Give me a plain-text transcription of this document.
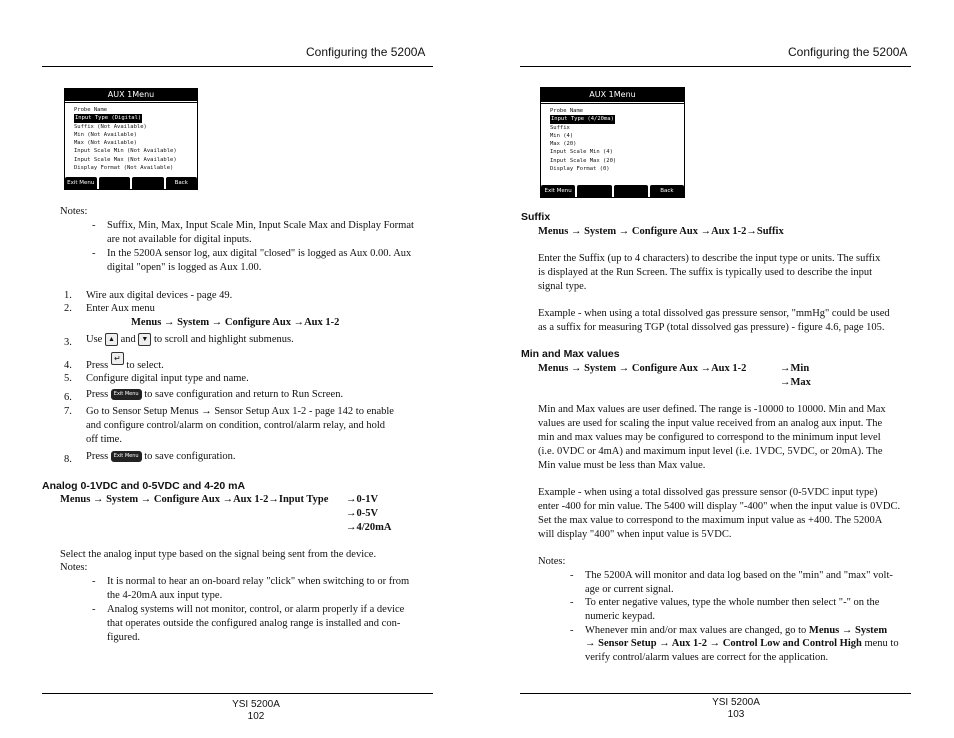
Configuring the 5200A
AUX 1Menu
Probe Name
Input Type (Digital)
Suffix (Not Available)
Min (Not Available)
Max (Not Available)
Input Scale Min (Not Available)
Input Scale Max (Not Available)
Display Format (Not Available)
Exit Menu	Back
Notes:
- Suffix, Min, Max, Input Scale Min, Input Scale Max and Display Format
are not available for digital inputs.
- In the 5200A sensor log, aux digital "closed" is logged as Aux 0.00. Aux
digital "open" is logged as Aux 1.00.
1. Wire aux digital devices - page 49.
2. Enter Aux menu
Menus → System → Configure Aux →Aux 1-2
3. Use ▲ and ▼ to scroll and highlight submenus.
4. Press ↵ to select.
5. Configure digital input type and name.
6. Press Exit Menu to save configuration and return to Run Screen.
7. Go to Sensor Setup Menus → Sensor Setup Aux 1-2 - page 142 to enable
and configure control/alarm on condition, control/alarm relay, and hold
off time.
8. Press Exit Menu to save configuration.
Analog 0-1VDC and 0-5VDC and 4-20 mA
Menus → System → Configure Aux →Aux 1-2→Input Type →0-1V
→0-5V
→4/20mA
Select the analog input type based on the signal being sent from the device.
Notes:
- It is normal to hear an on-board relay "click" when switching to or from
the 4-20mA aux input type.
- Analog systems will not monitor, control, or alarm properly if a device
that operates outside the configured analog range is installed and con-
figured.
YSI 5200A
102
Configuring the 5200A
AUX 1Menu
Probe Name
Input Type (4/20ma)
Suffix
Min (4)
Max (20)
Input Scale Min (4)
Input Scale Max (20)
Display Format (0)
Exit Menu	Back
Suffix
Menus → System → Configure Aux →Aux 1-2→Suffix
Enter the Suffix (up to 4 characters) to describe the input type or units. The suffix
is displayed at the Run Screen. The suffix is typically used to describe the input
signal type.
Example - when using a total dissolved gas pressure sensor, "mmHg" could be used
as a suffix for measuring TGP (total dissolved gas pressure) - figure 4.6, page 105.
Min and Max values
Menus → System → Configure Aux →Aux 1-2	→Min
→Max
Min and Max values are user defined. The range is -10000 to 10000. Min and Max
values are used for scaling the input value received from an analog aux input. The
min and max values may be configured to correspond to the minimum input level
(i.e. 0VDC or 4mA) and maximum input level (i.e. 1VDC, 5VDC, or 20mA). The
Min value must be less than Max value.
Example - when using a total dissolved gas pressure sensor (0-5VDC input type)
enter -400 for min value. The 5400 will display "-400" when the input value is 0VDC.
Set the max value to correspond to the maximum input value as +400. The 5200A
will display "400" when input value is 5VDC.
Notes:
- The 5200A will monitor and data log based on the "min" and "max" volt-
age or current signal.
- To enter negative values, type the whole number then select "-" on the
numeric keypad.
- Whenever min and/or max values are changed, go to Menus → System
→ Sensor Setup → Aux 1-2 → Control Low and Control High menu to
verify control/alarm values are correct for the application.
YSI 5200A
103
